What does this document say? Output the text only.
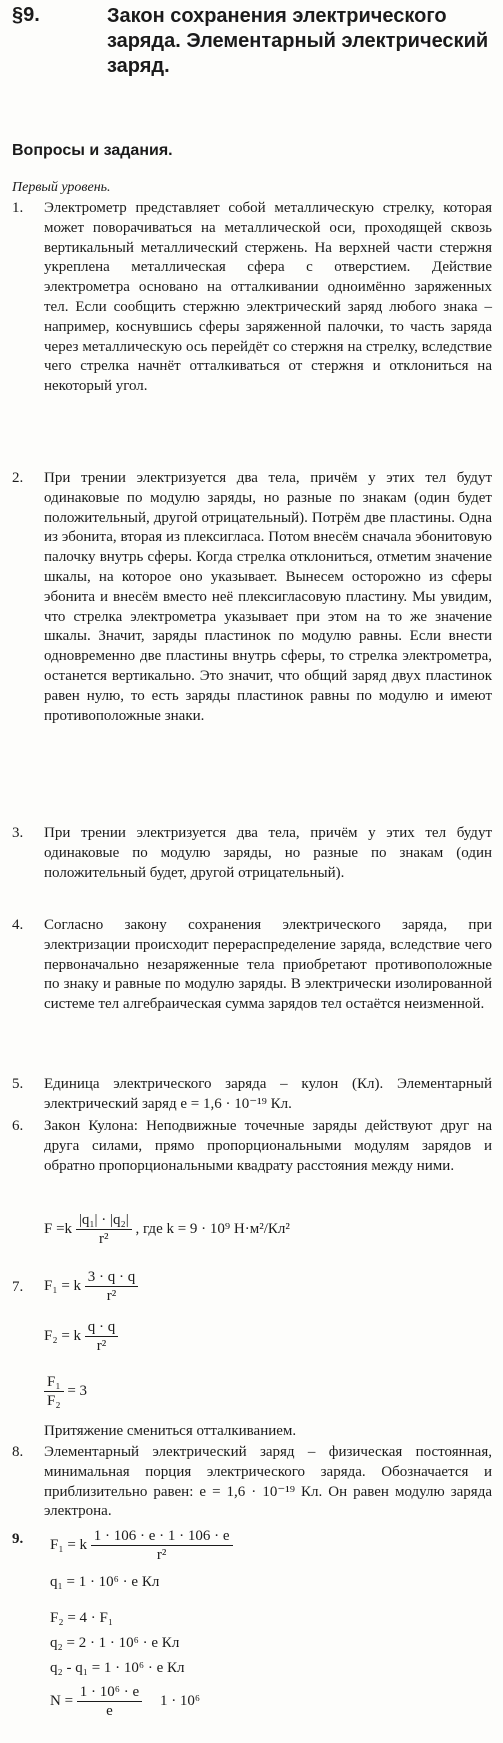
§9.	Закон сохранения электрического заряда. Элементарный электрический заряд.
Вопросы и задания.

Первый уровень.

1. Электрометр представляет собой металлическую стрелку, которая может поворачиваться на металлической оси, проходящей сквозь вертикальный металлический стержень. На верхней части стержня укреплена металлическая сфера с отверстием. Действие электрометра основано на отталкивании одноимённо заряженных тел. Если сообщить стержню электрический заряд любого знака – например, коснувшись сферы заряженной палочки, то часть заряда через металлическую ось перейдёт со стержня на стрелку, вследствие чего стрелка начнёт отталкиваться от стержня и отклониться на некоторый угол.

2. При трении электризуется два тела, причём у этих тел будут одинаковые по модулю заряды, но разные по знакам (один будет положительный, другой отрицательный). Потрём две пластины. Одна из эбонита, вторая из плексигласа. Потом внесём сначала эбонитовую палочку внутрь сферы. Когда стрелка отклониться, отметим значение шкалы, на которое оно указывает. Вынесем осторожно из сферы эбонита и внесём вместо неё плексигласовую пластину. Мы увидим, что стрелка электрометра указывает при этом на то же значение шкалы. Значит, заряды пластинок по модулю равны. Если внести одновременно две пластины внутрь сферы, то стрелка электрометра, останется вертикально. Это значит, что общий заряд двух пластинок равен нулю, то есть заряды пластинок равны по модулю и имеют противоположные знаки.

3. При трении электризуется два тела, причём у этих тел будут одинаковые по модулю заряды, но разные по знакам (один положительный будет, другой отрицательный).

4. Согласно закону сохранения электрического заряда, при электризации происходит перераспределение заряда, вследствие чего первоначально незаряженные тела приобретают противоположные по знаку и равные по модулю заряды. В электрически изолированной системе тел алгебраическая сумма зарядов тел остаётся неизменной.

5. Единица электрического заряда – кулон (Кл). Элементарный электрический заряд e = 1,6 · 10⁻¹⁹ Кл.

6. Закон Кулона: Неподвижные точечные заряды действуют друг на друга силами, прямо пропорциональными модулям зарядов и обратно пропорциональными квадрату расстояния между ними.

$F =k \frac{\text{|q₁| · |q₂|}}{\text{r²}}$ , где k = 9 · 10⁹ Н·м²/Кл²
7. F₁ = k $\frac{3 \cdot q \cdot q}{\text{r²}}$
F₂ = k $\frac{q \cdot q}{\text{r²}}$
$\frac{\text{F₁}}{\text{F₂}} = 3$
Притяжение смениться отталкиванием.
8. Элементарный электрический заряд – физическая постоянная, минимальная порция электрического заряда. Обозначается и приблизительно равен: e = 1,6 · 10⁻¹⁹ Кл. Он равен модулю заряда электрона.

9. F₁ = k $\frac{1 \cdot 106 \cdot e \cdot 1 \cdot 106 \cdot e}{\text{r²}}$
q₁ = 1 · 10⁶ · e Кл
F₂ = 4 · F₁
q₂ = 2 · 1 · 10⁶ · e Кл
q₂ - q₁ = 1 · 10⁶ · e Кл
$N = \frac{\text{1 · 10⁶ · e}}{e} 1 \cdot 10^6$
